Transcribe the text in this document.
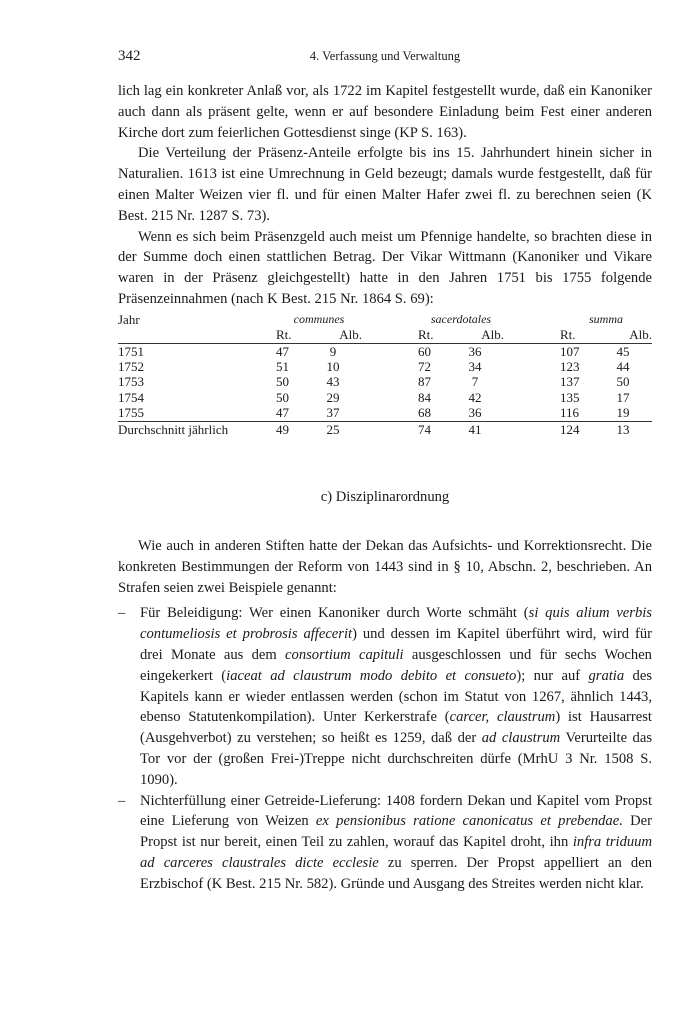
342	4. Verfassung und Verwaltung

lich lag ein konkreter Anlaß vor, als 1722 im Kapitel festgestellt wurde, daß ein Kanoniker auch dann als präsent gelte, wenn er auf besondere Einladung beim Fest einer anderen Kirche dort zum feierlichen Gottesdienst singe (KP S. 163).

Die Verteilung der Präsenz-Anteile erfolgte bis ins 15. Jahrhundert hinein sicher in Naturalien. 1613 ist eine Umrechnung in Geld bezeugt; damals wurde festgestellt, daß für einen Malter Weizen vier fl. und für einen Malter Hafer zwei fl. zu berechnen seien (K Best. 215 Nr. 1287 S. 73).

Wenn es sich beim Präsenzgeld auch meist um Pfennige handelte, so brachten diese in der Summe doch einen stattlichen Betrag. Der Vikar Wittmann (Kanoniker und Vikare waren in der Präsenz gleichgestellt) hatte in den Jahren 1751 bis 1755 folgende Präsenzeinnahmen (nach K Best. 215 Nr. 1864 S. 69):

Jahr	communes			sacerdotales			summa	
	Rt.	Alb.		Rt.	Alb.		Rt.	Alb.
1751	47	9		60	36		107	45
1752	51	10		72	34		123	44
1753	50	43		87	7		137	50
1754	50	29		84	42		135	17
1755	47	37		68	36		116	19
Durchschnitt jährlich	49	25		74	41		124	13
c) Disziplinarordnung

Wie auch in anderen Stiften hatte der Dekan das Aufsichts- und Korrektionsrecht. Die konkreten Bestimmungen der Reform von 1443 sind in § 10, Abschn. 2, beschrieben. An Strafen seien zwei Beispiele genannt:

– Für Beleidigung: Wer einen Kanoniker durch Worte schmäht (si quis alium verbis contumeliosis et probrosis affecerit) und dessen im Kapitel überführt wird, wird für drei Monate aus dem consortium capituli ausgeschlossen und für sechs Wochen eingekerkert (iaceat ad claustrum modo debito et consueto); nur auf gratia des Kapitels kann er wieder entlassen werden (schon im Statut von 1267, ähnlich 1443, ebenso Statutenkompilation). Unter Kerkerstrafe (carcer, claustrum) ist Hausarrest (Ausgehverbot) zu verstehen; so heißt es 1259, daß der ad claustrum Verurteilte das Tor vor der (großen Frei-)Treppe nicht durchschreiten dürfe (MrhU 3 Nr. 1508 S. 1090).
– Nichterfüllung einer Getreide-Lieferung: 1408 fordern Dekan und Kapitel vom Propst eine Lieferung von Weizen ex pensionibus ratione canonicatus et prebendae. Der Propst ist nur bereit, einen Teil zu zahlen, worauf das Kapitel droht, ihn infra triduum ad carceres claustrales dicte ecclesie zu sperren. Der Propst appelliert an den Erzbischof (K Best. 215 Nr. 582). Gründe und Ausgang des Streites werden nicht klar.
